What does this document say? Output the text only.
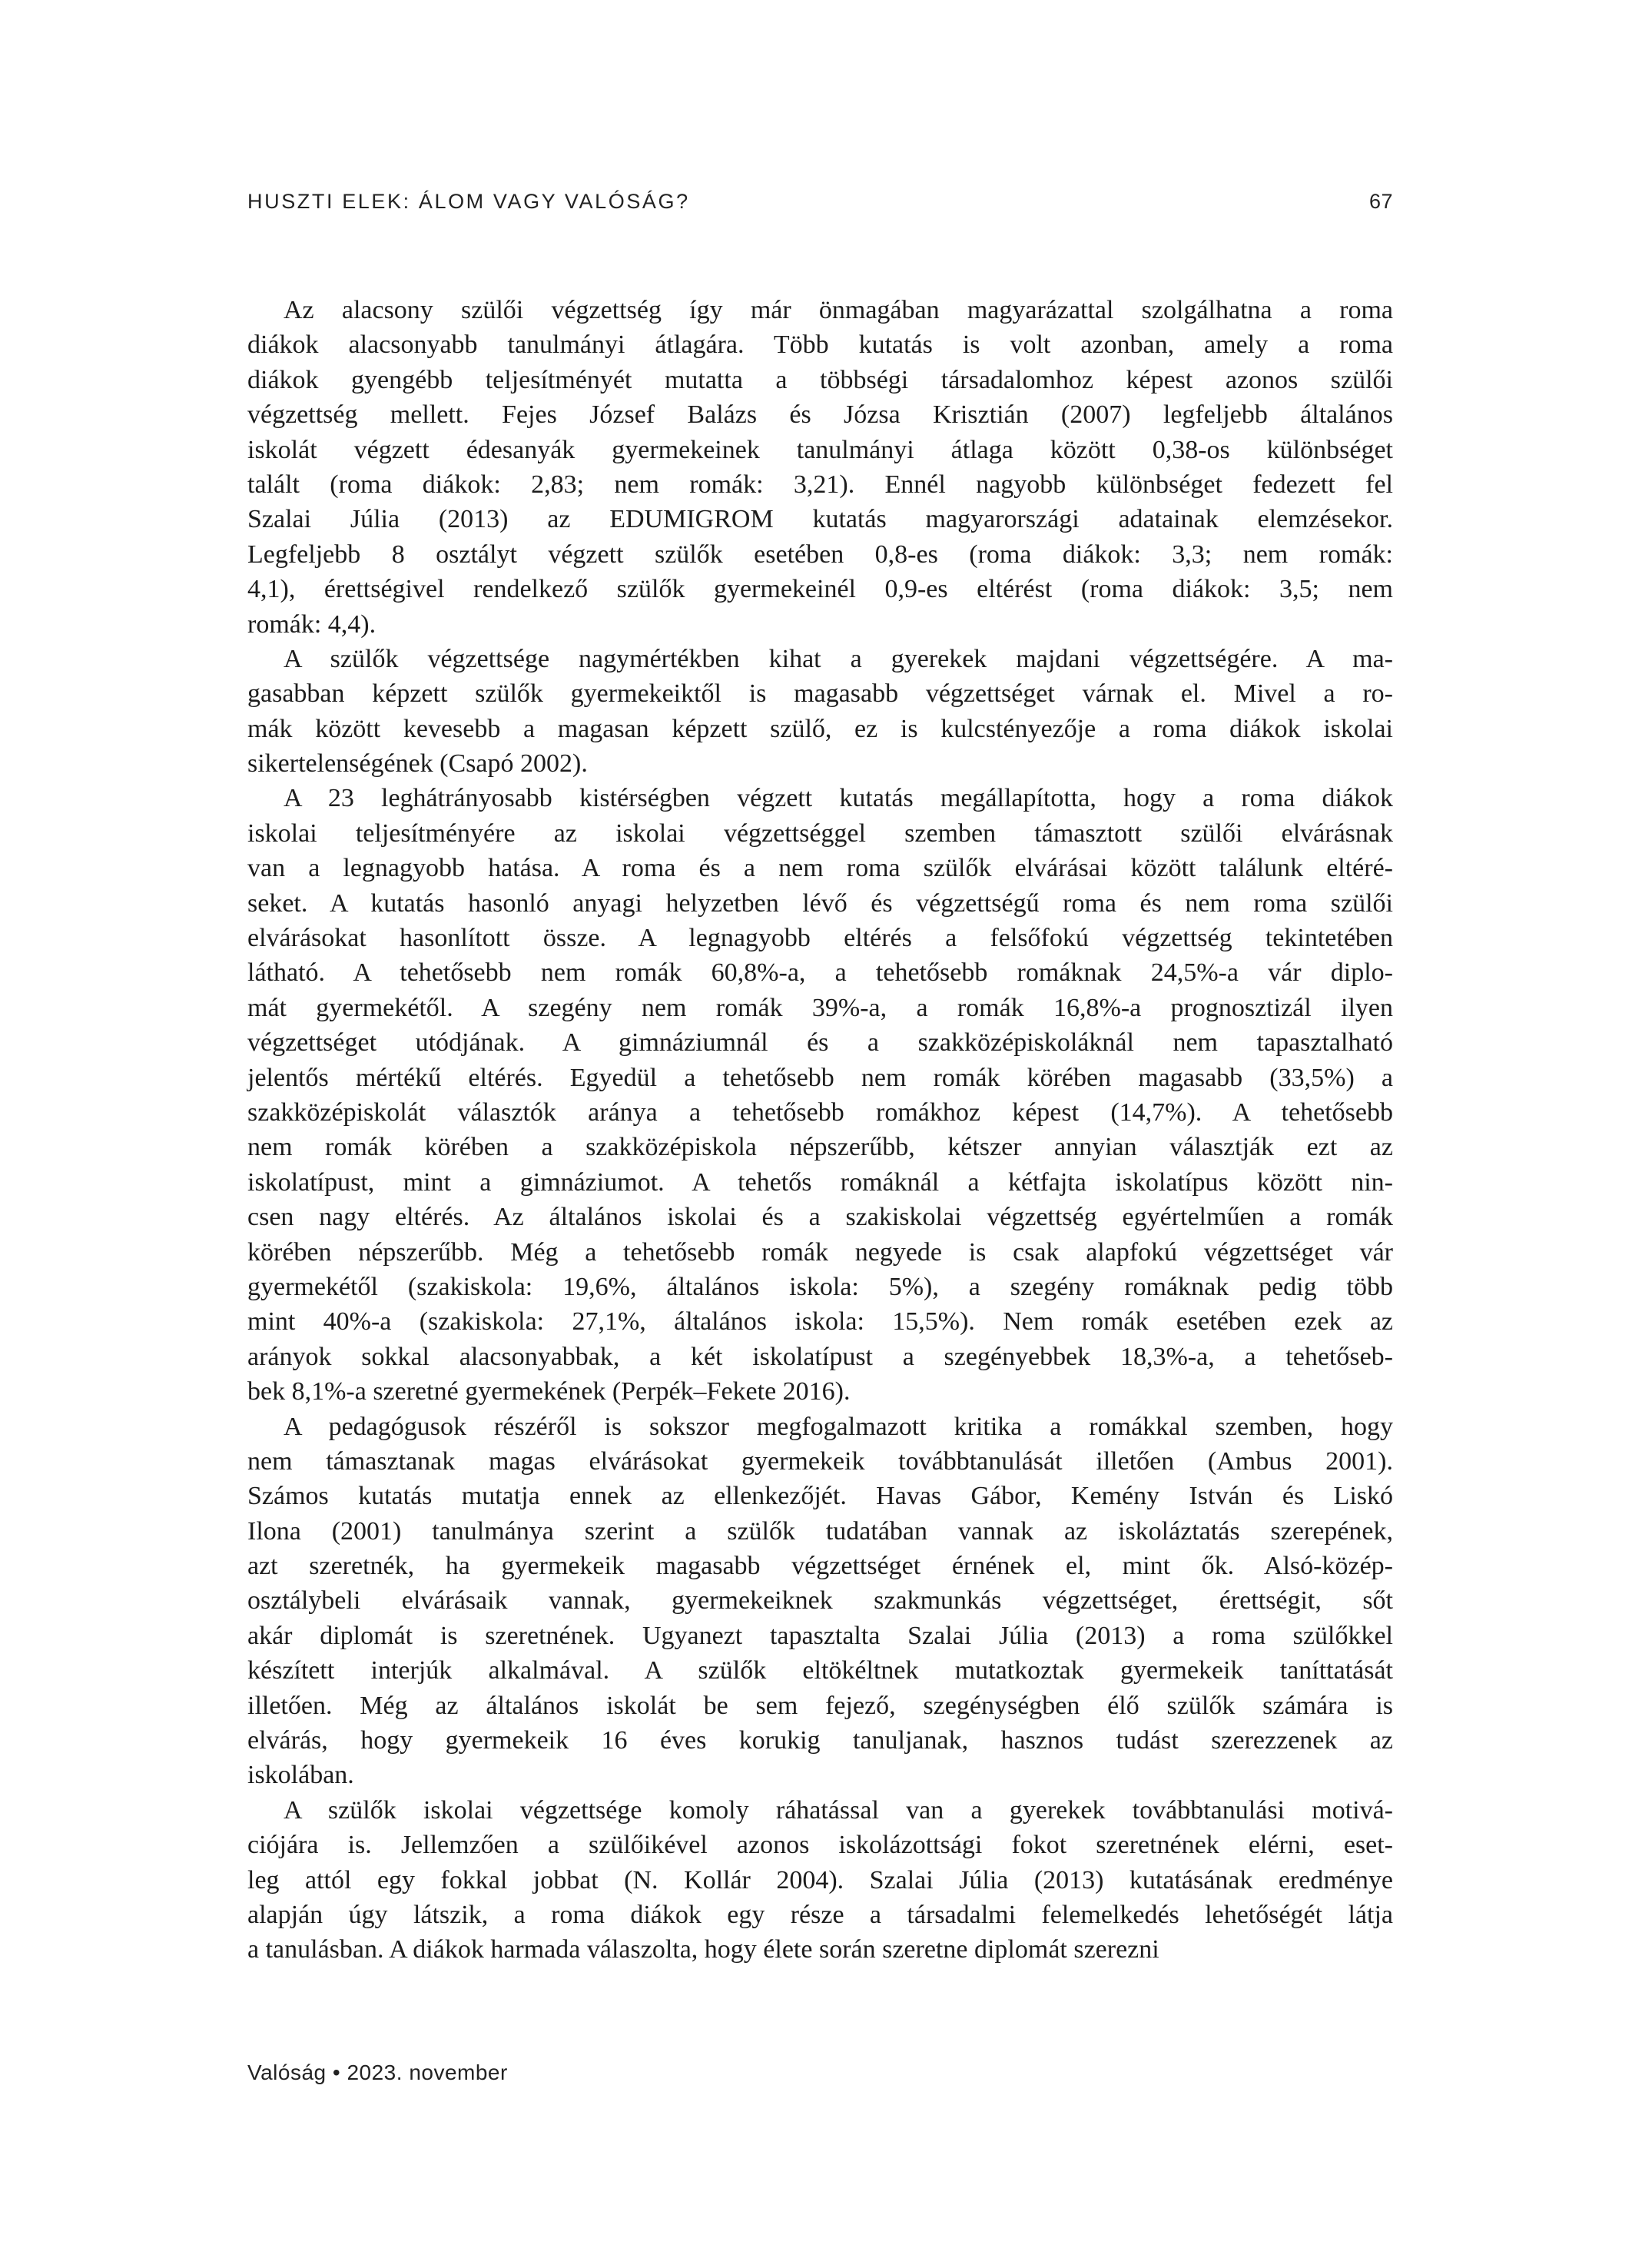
HUSZTI ELEK: ÁLOM VAGY VALÓSÁG?	67
Az alacsony szülői végzettség így már önmagában magyarázattal szolgálhatna a roma
diákok alacsonyabb tanulmányi átlagára. Több kutatás is volt azonban, amely a roma
diákok gyengébb teljesítményét mutatta a többségi társadalomhoz képest azonos szülői
végzettség mellett. Fejes József Balázs és Józsa Krisztián (2007) legfeljebb általános
iskolát végzett édesanyák gyermekeinek tanulmányi átlaga között 0,38-os különbséget
talált (roma diákok: 2,83; nem romák: 3,21). Ennél nagyobb különbséget fedezett fel
Szalai Júlia (2013) az EDUMIGROM kutatás magyarországi adatainak elemzésekor.
Legfeljebb 8 osztályt végzett szülők esetében 0,8-es (roma diákok: 3,3; nem romák:
4,1), érettségivel rendelkező szülők gyermekeinél 0,9-es eltérést (roma diákok: 3,5; nem
romák: 4,4).
A szülők végzettsége nagymértékben kihat a gyerekek majdani végzettségére. A ma-
gasabban képzett szülők gyermekeiktől is magasabb végzettséget várnak el. Mivel a ro-
mák között kevesebb a magasan képzett szülő, ez is kulcstényezője a roma diákok iskolai
sikertelenségének (Csapó 2002).
A 23 leghátrányosabb kistérségben végzett kutatás megállapította, hogy a roma diákok
iskolai teljesítményére az iskolai végzettséggel szemben támasztott szülői elvárásnak
van a legnagyobb hatása. A roma és a nem roma szülők elvárásai között találunk eltéré-
seket. A kutatás hasonló anyagi helyzetben lévő és végzettségű roma és nem roma szülői
elvárásokat hasonlított össze. A legnagyobb eltérés a felsőfokú végzettség tekintetében
látható. A tehetősebb nem romák 60,8%-a, a tehetősebb romáknak 24,5%-a vár diplo-
mát gyermekétől. A szegény nem romák 39%-a, a romák 16,8%-a prognosztizál ilyen
végzettséget utódjának. A gimnáziumnál és a szakközépiskoláknál nem tapasztalható
jelentős mértékű eltérés. Egyedül a tehetősebb nem romák körében magasabb (33,5%) a
szakközépiskolát választók aránya a tehetősebb romákhoz képest (14,7%). A tehetősebb
nem romák körében a szakközépiskola népszerűbb, kétszer annyian választják ezt az
iskolatípust, mint a gimnáziumot. A tehetős romáknál a kétfajta iskolatípus között nin-
csen nagy eltérés. Az általános iskolai és a szakiskolai végzettség egyértelműen a romák
körében népszerűbb. Még a tehetősebb romák negyede is csak alapfokú végzettséget vár
gyermekétől (szakiskola: 19,6%, általános iskola: 5%), a szegény romáknak pedig több
mint 40%-a (szakiskola: 27,1%, általános iskola: 15,5%). Nem romák esetében ezek az
arányok sokkal alacsonyabbak, a két iskolatípust a szegényebbek 18,3%-a, a tehetőseb-
bek 8,1%-a szeretné gyermekének (Perpék–Fekete 2016).
A pedagógusok részéről is sokszor megfogalmazott kritika a romákkal szemben, hogy
nem támasztanak magas elvárásokat gyermekeik továbbtanulását illetően (Ambus 2001).
Számos kutatás mutatja ennek az ellenkezőjét. Havas Gábor, Kemény István és Liskó
Ilona (2001) tanulmánya szerint a szülők tudatában vannak az iskoláztatás szerepének,
azt szeretnék, ha gyermekeik magasabb végzettséget érnének el, mint ők. Alsó-közép-
osztálybeli elvárásaik vannak, gyermekeiknek szakmunkás végzettséget, érettségit, sőt
akár diplomát is szeretnének. Ugyanezt tapasztalta Szalai Júlia (2013) a roma szülőkkel
készített interjúk alkalmával. A szülők eltökéltnek mutatkoztak gyermekeik taníttatását
illetően. Még az általános iskolát be sem fejező, szegénységben élő szülők számára is
elvárás, hogy gyermekeik 16 éves korukig tanuljanak, hasznos tudást szerezzenek az
iskolában.
A szülők iskolai végzettsége komoly ráhatással van a gyerekek továbbtanulási motivá-
ciójára is. Jellemzően a szülőikével azonos iskolázottsági fokot szeretnének elérni, eset-
leg attól egy fokkal jobbat (N. Kollár 2004). Szalai Júlia (2013) kutatásának eredménye
alapján úgy látszik, a roma diákok egy része a társadalmi felemelkedés lehetőségét látja
a tanulásban. A diákok harmada válaszolta, hogy élete során szeretne diplomát szerezni
Valóság • 2023. november
